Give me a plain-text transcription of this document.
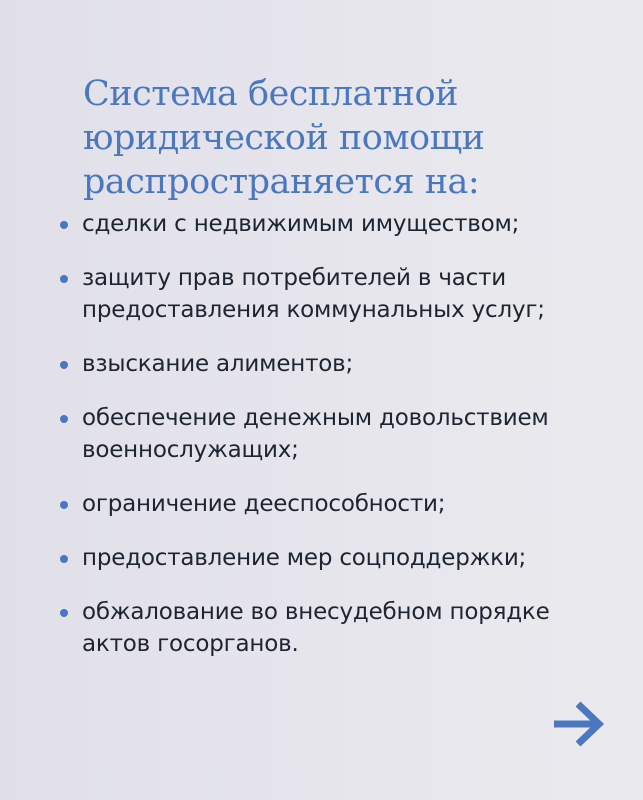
Система бесплатной
юридической помощи
распространяется на:
сделки с недвижимым имуществом;
защиту прав потребителей в части
предоставления коммунальных услуг;
взыскание алиментов;
обеспечение денежным довольствием
военнослужащих;
ограничение дееспособности;
предоставление мер соцподдержки;
обжалование во внесудебном порядке
актов госорганов.
